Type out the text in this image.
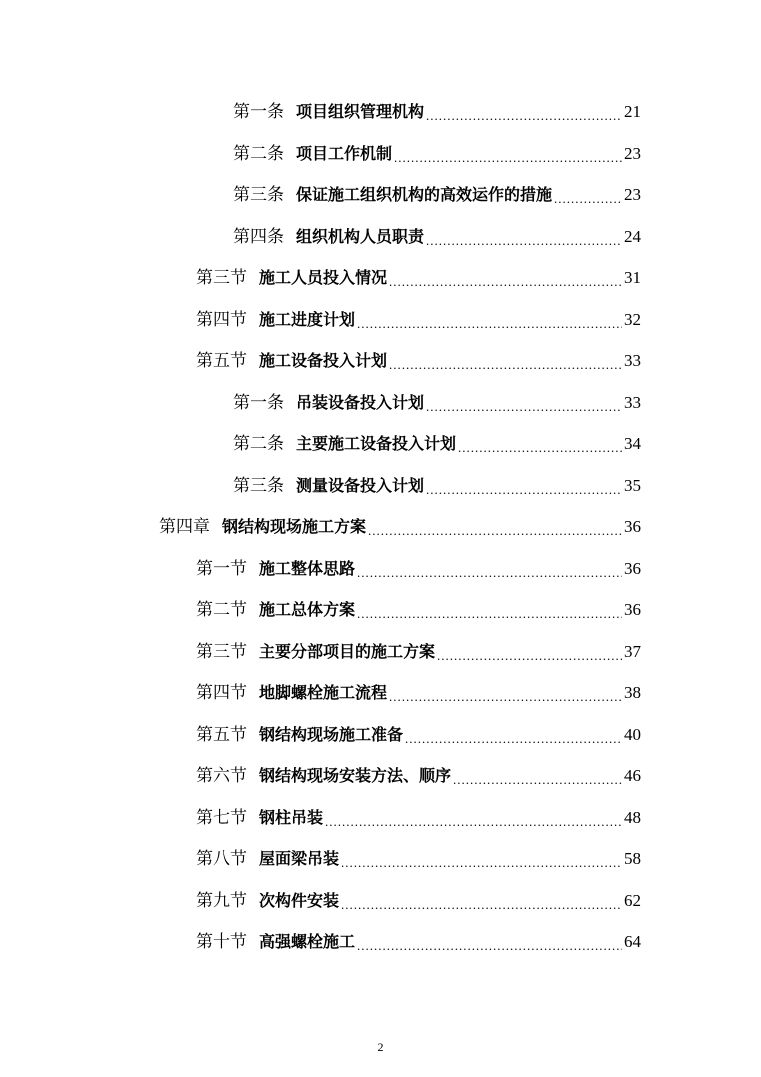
第一条 项目组织管理机构 .....	21
第二条 项目工作机制 .....	23
第三条 保证施工组织机构的高效运作的措施 .....	23
第四条 组织机构人员职责 .....	24
第三节 施工人员投入情况 .....	31
第四节 施工进度计划 .....	32
第五节 施工设备投入计划 .....	33
第一条 吊装设备投入计划 .....	33
第二条 主要施工设备投入计划 .....	34
第三条 测量设备投入计划 .....	35
第四章 钢结构现场施工方案 .....	36
第一节 施工整体思路 .....	36
第二节 施工总体方案 .....	36
第三节 主要分部项目的施工方案 .....	37
第四节 地脚螺栓施工流程 .....	38
第五节 钢结构现场施工准备 .....	40
第六节 钢结构现场安装方法、顺序 .....	46
第七节 钢柱吊装 .....	48
第八节 屋面梁吊装 .....	58
第九节 次构件安装 .....	62
第十节 高强螺栓施工 .....	64
2
